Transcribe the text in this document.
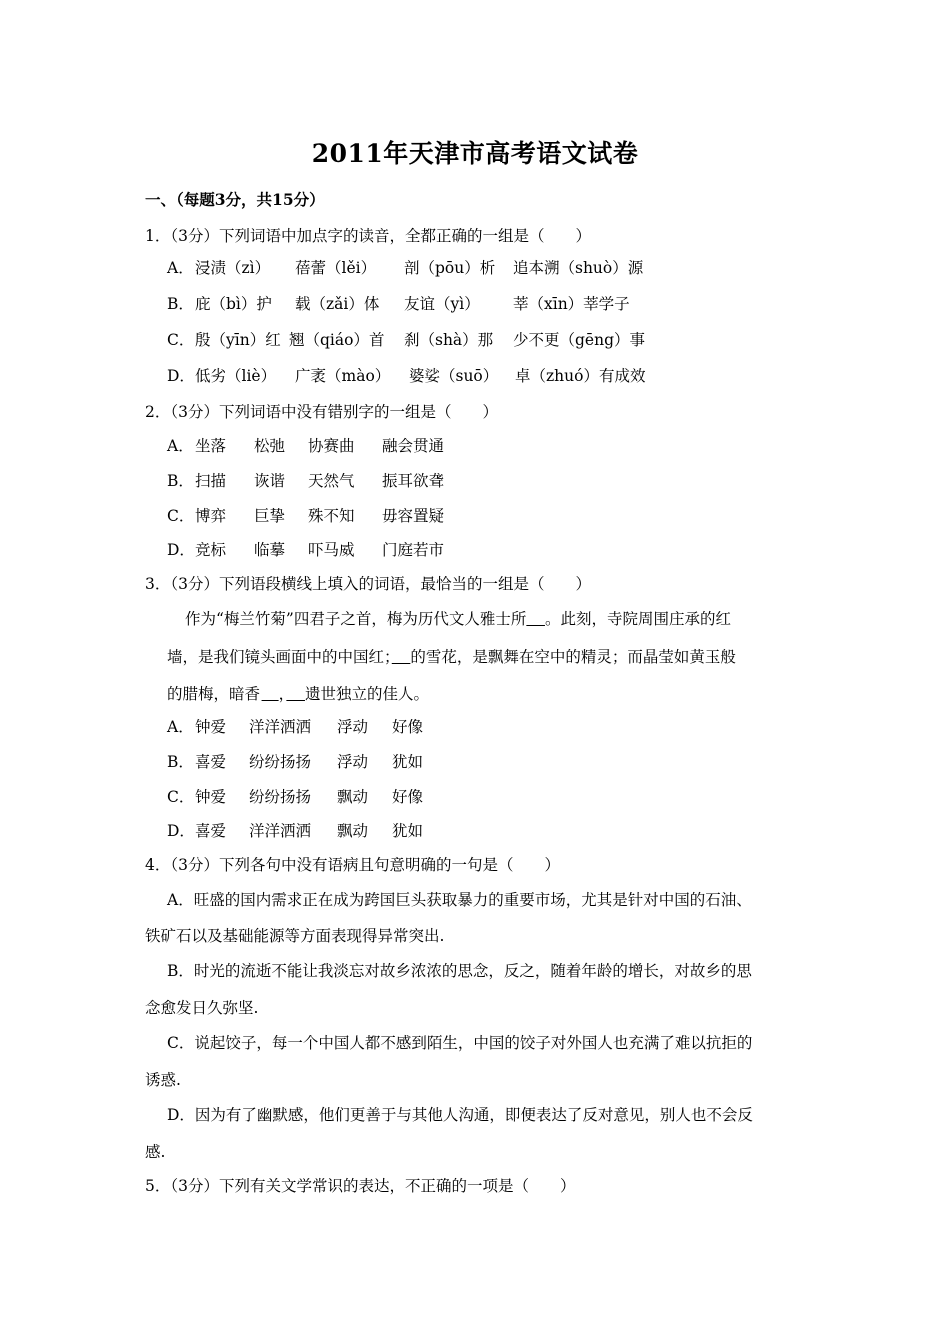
2011年天津市高考语文试卷
一、（每题3分，共15分）
1．（3分）下列词语中加点字的读音，全都正确的一组是（　　）
A． 浸渍（zì） 蓓蕾（lěi） 剖（pōu）析 追本溯（shuò）源
B． 庇（bì）护 载（zǎi）体 友谊（yì） 莘（xīn）莘学子
C． 殷（yīn）红 翘（qiáo）首 刹（shà）那 少不更（gēng）事
D． 低劣（liè） 广袤（mào） 婆娑（suō） 卓（zhuó）有成效
2．（3分）下列词语中没有错别字的一组是（　　）
A． 坐落 松弛 协赛曲 融会贯通
B． 扫描 诙谐 天然气 振耳欲聋
C． 博弈 巨挚 殊不知 毋容置疑
D． 竞标 临摹 吓马威 门庭若市
3．（3分）下列语段横线上填入的词语，最恰当的一组是（　　）
作为“梅兰竹菊”四君子之首，梅为历代文人雅士所　   。此刻，寺院周围庄承的红
墙，是我们镜头画面中的中国红；　   的雪花，是飘舞在空中的精灵；而晶莹如黄玉般
的腊梅，暗香 　  ，　   遗世独立的佳人。
A． 钟爱 洋洋洒洒 浮动 好像
B． 喜爱 纷纷扬扬 浮动 犹如
C． 钟爱 纷纷扬扬 飘动 好像
D． 喜爱 洋洋洒洒 飘动 犹如
4．（3分）下列各句中没有语病且句意明确的一句是（　　）
A．旺盛的国内需求正在成为跨国巨头获取暴力的重要市场，尤其是针对中国的石油、
铁矿石以及基础能源等方面表现得异常突出.
B．时光的流逝不能让我淡忘对故乡浓浓的思念，反之，随着年龄的增长，对故乡的思
念愈发日久弥坚.
C．说起饺子，每一个中国人都不感到陌生，中国的饺子对外国人也充满了难以抗拒的
诱惑.
D．因为有了幽默感，他们更善于与其他人沟通，即便表达了反对意见，别人也不会反
感.
5．（3分）下列有关文学常识的表达，不正确的一项是（　　）
